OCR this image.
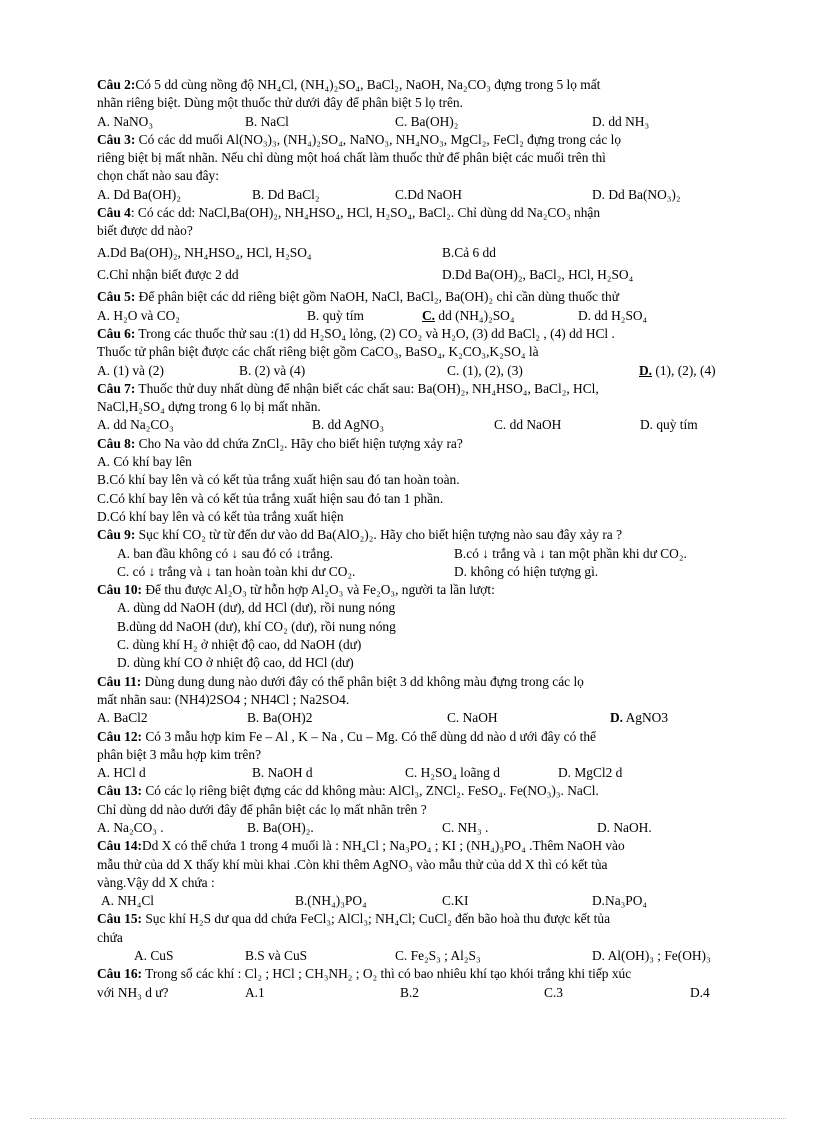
Câu 2:Có 5 dd cùng nồng độ NH₄Cl, (NH₄)₂SO₄, BaCl₂, NaOH, Na₂CO₃ đựng trong 5 lọ mất
nhãn riêng biệt. Dùng một thuốc thử dưới đây để phân biệt 5 lọ trên.
A. NaNO₃	B. NaCl	C. Ba(OH)₂	D. dd NH₃
Câu 3: Có các dd muối Al(NO₃)₃, (NH₄)₂SO₄, NaNO₃, NH₄NO₃, MgCl₂, FeCl₂ đựng trong các lọ
riêng biệt bị mất nhãn. Nếu chỉ dùng một hoá chất làm thuốc thử để phân biệt các muối trên thì
chọn chất nào sau đây:
A. Dd Ba(OH)₂	B. Dd BaCl₂	C.Dd NaOH	D. Dd Ba(NO₃)₂
Câu 4: Có các dd: NaCl,Ba(OH)₂, NH₄HSO₄, HCl, H₂SO₄, BaCl₂. Chỉ dùng dd Na₂CO₃ nhận
biết được dd nào?
A.Dd Ba(OH)₂, NH₄HSO₄, HCl, H₂SO₄	B.Cả 6 dd
C.Chỉ nhận biết được 2 dd	D.Dd Ba(OH)₂, BaCl₂, HCl, H₂SO₄
Câu 5: Để phân biệt các dd riêng biệt gồm NaOH, NaCl, BaCl₂, Ba(OH)₂ chỉ cần dùng thuốc thử
A. H₂O và CO₂	B. quỳ tím	C. dd (NH₄)₂SO₄	D. dd H₂SO₄
Câu 6: Trong các thuốc thử sau :(1) dd H₂SO₄ lỏng, (2) CO₂ và H₂O, (3) dd BaCl₂ , (4) dd HCl .
Thuốc tử phân biệt được các chất riêng biệt gồm CaCO₃, BaSO₄, K₂CO₃,K₂SO₄ là
A. (1) và (2)	B. (2) và (4)	C. (1), (2), (3)	D. (1), (2), (4)
Câu 7: Thuốc thử duy nhất dùng để nhận biết các chất sau: Ba(OH)₂, NH₄HSO₄, BaCl₂, HCl,
NaCl,H₂SO₄ dựng trong 6 lọ bị mất nhãn.
A. dd Na₂CO₃	B. dd AgNO₃	C. dd NaOH	D. quỳ tím
Câu 8: Cho Na vào dd chứa ZnCl₂. Hãy cho biết hiện tượng xảy ra?
A. Có khí bay lên
B.Có khí bay lên và có kết tủa trắng xuất hiện sau đó tan hoàn toàn.
C.Có khí bay lên và có kết tủa trắng xuất hiện sau đó tan 1 phần.
D.Có khí bay lên và có kết tủa trắng xuất hiện
Câu 9: Sục khí CO₂ từ từ đến dư vào dd Ba(AlO₂)₂. Hãy cho biết hiện tượng nào sau đây xảy ra ?
A. ban đầu không có ↓ sau đó có ↓trắng.	B.có ↓ trắng và ↓ tan một phần khi dư CO₂.
C. có ↓ trắng và ↓ tan hoàn toàn khi dư CO₂.	D. không có hiện tượng gì.
Câu 10: Để thu được Al₂O₃ từ hỗn hợp Al₂O₃ và Fe₂O₃, người ta lần lượt:
A. dùng dd NaOH (dư), dd HCl (dư), rồi nung nóng
B.dùng dd NaOH (dư), khí CO₂ (dư), rồi nung nóng
C. dùng khí H₂ ở nhiệt độ cao, dd NaOH (dư)
D. dùng khí CO ở nhiệt độ cao, dd HCl (dư)
Câu 11: Dùng dung dung nào dưới đây có thể phân biệt 3 dd không màu đựng trong các lọ
mất nhãn sau: (NH4)2SO4 ; NH4Cl ; Na2SO4.
A. BaCl2	B. Ba(OH)2	C. NaOH	D. AgNO3
Câu 12: Có 3 mẫu hợp kim Fe – Al , K – Na , Cu – Mg. Có thể dùng dd nào d ưới đây có thể
phân biệt 3 mẫu hợp kim trên?
A. HCl d	B. NaOH d	C. H₂SO₄ loãng d	D. MgCl2 d
Câu 13: Có các lọ riêng biệt đựng các dd không màu: AlCl₃, ZNCl₂. FeSO₄. Fe(NO₃)₃. NaCl.
Chỉ dùng dd nào dưới đây để phân biệt các lọ mất nhãn trên ?
A. Na₂CO₃ .	B. Ba(OH)₂.	C. NH₃ .	D. NaOH.
Câu 14:Dd X có thể chứa 1 trong 4 muối là : NH₄Cl ; Na₃PO₄ ; KI ; (NH₄)₃PO₄ .Thêm NaOH vào
mẫu thử của dd X thấy khí mùi khai .Còn khi thêm AgNO₃ vào mẫu thử của dd X thì có kết tủa
vàng.Vậy dd X chứa :
A. NH₄Cl	B.(NH₄)₃PO₄	C.KI	D.Na₃PO₄
Câu 15: Sục khí H₂S dư qua dd chứa FeCl₃; AlCl₃; NH₄Cl; CuCl₂ đến bão hoà thu được kết tủa
chứa
A. CuS	B.S và CuS	C. Fe₂S₃ ; Al₂S₃	D. Al(OH)₃ ; Fe(OH)₃
Câu 16: Trong số các khí : Cl₂ ; HCl ; CH₃NH₂ ; O₂ thì có bao nhiêu khí tạo khói trắng khi tiếp xúc
với NH₃ d ư?	A.1	B.2	C.3	D.4
